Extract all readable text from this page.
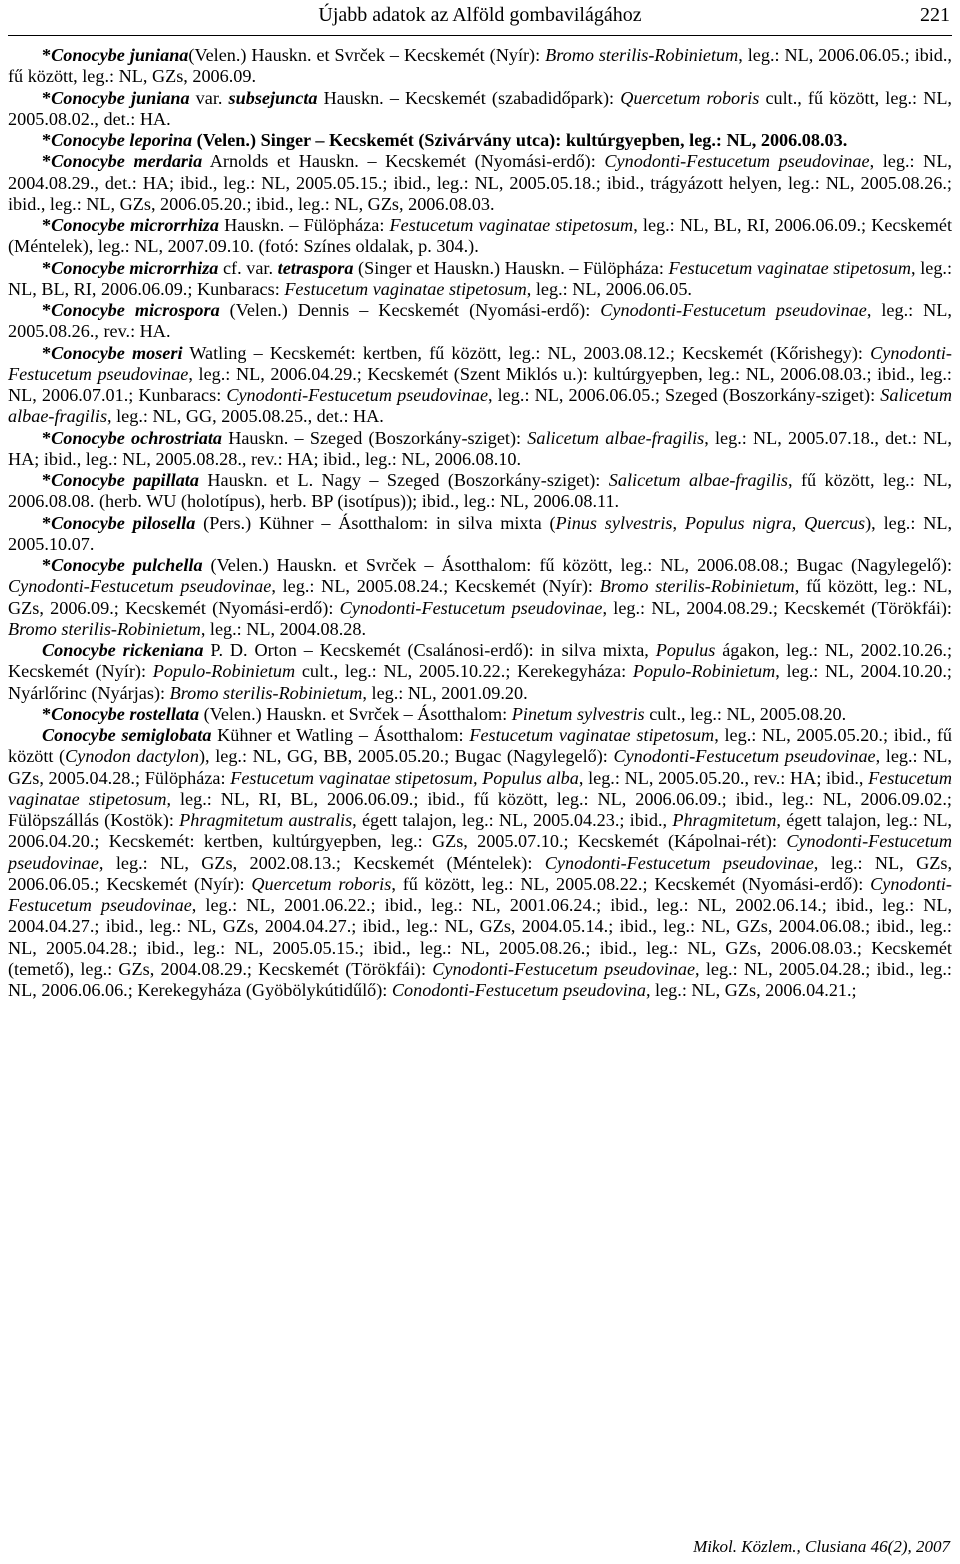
Újabb adatok az Alföld gombavilágához	221

*Conocybe juniana(Velen.) Hauskn. et Svrček – Kecskemét (Nyír): Bromo sterilis-Robinietum, leg.: NL, 2006.06.05.; ibid., fű között, leg.: NL, GZs, 2006.09.

*Conocybe juniana var. subsejuncta Hauskn. – Kecskemét (szabadidőpark): Quercetum roboris cult., fű között, leg.: NL, 2005.08.02., det.: HA.

*Conocybe leporina (Velen.) Singer – Kecskemét (Szivárvány utca): kultúrgyepben, leg.: NL, 2006.08.03.

*Conocybe merdaria Arnolds et Hauskn. – Kecskemét (Nyomási-erdő): Cynodonti-Festucetum pseudovinae, leg.: NL, 2004.08.29., det.: HA; ibid., leg.: NL, 2005.05.15.; ibid., leg.: NL, 2005.05.18.; ibid., trágyázott helyen, leg.: NL, 2005.08.26.; ibid., leg.: NL, GZs, 2006.05.20.; ibid., leg.: NL, GZs, 2006.08.03.

*Conocybe microrrhiza Hauskn. – Fülöpháza: Festucetum vaginatae stipetosum, leg.: NL, BL, RI, 2006.06.09.; Kecskemét (Méntelek), leg.: NL, 2007.09.10. (fotó: Színes oldalak, p. 304.).

*Conocybe microrrhiza cf. var. tetraspora (Singer et Hauskn.) Hauskn. – Fülöpháza: Festucetum vaginatae stipetosum, leg.: NL, BL, RI, 2006.06.09.; Kunbaracs: Festucetum vaginatae stipetosum, leg.: NL, 2006.06.05.

*Conocybe microspora (Velen.) Dennis – Kecskemét (Nyomási-erdő): Cynodonti-Festucetum pseudovinae, leg.: NL, 2005.08.26., rev.: HA.

*Conocybe moseri Watling – Kecskemét: kertben, fű között, leg.: NL, 2003.08.12.; Kecskemét (Kőrishegy): Cynodonti-Festucetum pseudovinae, leg.: NL, 2006.04.29.; Kecskemét (Szent Miklós u.): kultúrgyepben, leg.: NL, 2006.08.03.; ibid., leg.: NL, 2006.07.01.; Kunbaracs: Cynodonti-Festucetum pseudovinae, leg.: NL, 2006.06.05.; Szeged (Boszorkány-sziget): Salicetum albae-fragilis, leg.: NL, GG, 2005.08.25., det.: HA.

*Conocybe ochrostriata Hauskn. – Szeged (Boszorkány-sziget): Salicetum albae-fragilis, leg.: NL, 2005.07.18., det.: NL, HA; ibid., leg.: NL, 2005.08.28., rev.: HA; ibid., leg.: NL, 2006.08.10.

*Conocybe papillata Hauskn. et L. Nagy – Szeged (Boszorkány-sziget): Salicetum albae-fragilis, fű között, leg.: NL, 2006.08.08. (herb. WU (holotípus), herb. BP (isotípus)); ibid., leg.: NL, 2006.08.11.

*Conocybe pilosella (Pers.) Kühner – Ásotthalom: in silva mixta (Pinus sylvestris, Populus nigra, Quercus), leg.: NL, 2005.10.07.

*Conocybe pulchella (Velen.) Hauskn. et Svrček – Ásotthalom: fű között, leg.: NL, 2006.08.08.; Bugac (Nagylegelő): Cynodonti-Festucetum pseudovinae, leg.: NL, 2005.08.24.; Kecskemét (Nyír): Bromo sterilis-Robinietum, fű között, leg.: NL, GZs, 2006.09.; Kecskemét (Nyomási-erdő): Cynodonti-Festucetum pseudovinae, leg.: NL, 2004.08.29.; Kecskemét (Törökfái): Bromo sterilis-Robinietum, leg.: NL, 2004.08.28.

Conocybe rickeniana P. D. Orton – Kecskemét (Csalánosi-erdő): in silva mixta, Populus ágakon, leg.: NL, 2002.10.26.; Kecskemét (Nyír): Populo-Robinietum cult., leg.: NL, 2005.10.22.; Kerekegyháza: Populo-Robinietum, leg.: NL, 2004.10.20.; Nyárlőrinc (Nyárjas): Bromo sterilis-Robinietum, leg.: NL, 2001.09.20.

*Conocybe rostellata (Velen.) Hauskn. et Svrček – Ásotthalom: Pinetum sylvestris cult., leg.: NL, 2005.08.20.

Conocybe semiglobata Kühner et Watling – Ásotthalom: Festucetum vaginatae stipetosum, leg.: NL, 2005.05.20.; ibid., fű között (Cynodon dactylon), leg.: NL, GG, BB, 2005.05.20.; Bugac (Nagylegelő): Cynodonti-Festucetum pseudovinae, leg.: NL, GZs, 2005.04.28.; Fülöpháza: Festucetum vaginatae stipetosum, Populus alba, leg.: NL, 2005.05.20., rev.: HA; ibid., Festucetum vaginatae stipetosum, leg.: NL, RI, BL, 2006.06.09.; ibid., fű között, leg.: NL, 2006.06.09.; ibid., leg.: NL, 2006.09.02.; Fülöpszállás (Kostök): Phragmitetum australis, égett talajon, leg.: NL, 2005.04.23.; ibid., Phragmitetum, égett talajon, leg.: NL, 2006.04.20.; Kecskemét: kertben, kultúrgyepben, leg.: GZs, 2005.07.10.; Kecskemét (Kápolnai-rét): Cynodonti-Festucetum pseudovinae, leg.: NL, GZs, 2002.08.13.; Kecskemét (Méntelek): Cynodonti-Festucetum pseudovinae, leg.: NL, GZs, 2006.06.05.; Kecskemét (Nyír): Quercetum roboris, fű között, leg.: NL, 2005.08.22.; Kecskemét (Nyomási-erdő): Cynodonti-Festucetum pseudovinae, leg.: NL, 2001.06.22.; ibid., leg.: NL, 2001.06.24.; ibid., leg.: NL, 2002.06.14.; ibid., leg.: NL, 2004.04.27.; ibid., leg.: NL, GZs, 2004.04.27.; ibid., leg.: NL, GZs, 2004.05.14.; ibid., leg.: NL, GZs, 2004.06.08.; ibid., leg.: NL, 2005.04.28.; ibid., leg.: NL, 2005.05.15.; ibid., leg.: NL, 2005.08.26.; ibid., leg.: NL, GZs, 2006.08.03.; Kecskemét (temető), leg.: GZs, 2004.08.29.; Kecskemét (Törökfái): Cynodonti-Festucetum pseudovinae, leg.: NL, 2005.04.28.; ibid., leg.: NL, 2006.06.06.; Kerekegyháza (Gyöbölykútidűlő): Conodonti-Festucetum pseudovina, leg.: NL, GZs, 2006.04.21.;

Mikol. Közlem., Clusiana 46(2), 2007
